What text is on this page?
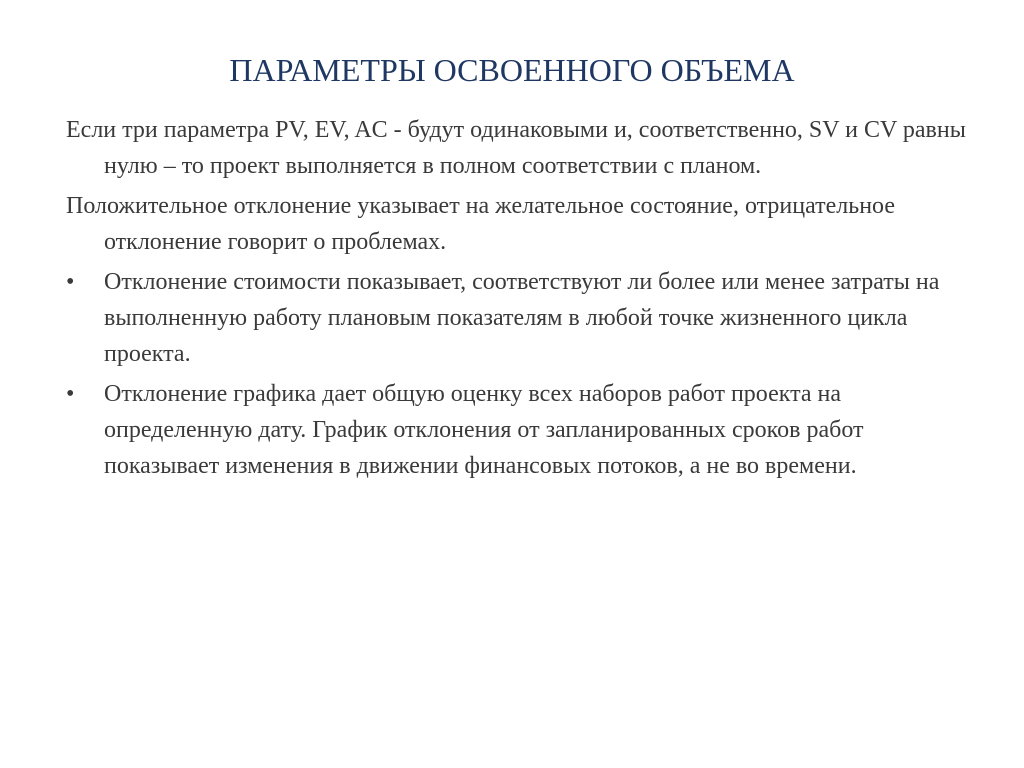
ПАРАМЕТРЫ ОСВОЕННОГО ОБЪЕМА

Если три параметра PV, EV, AC - будут одинаковыми и, соответственно, SV и CV равны нулю – то проект выполняется в полном соответствии с планом.

Положительное отклонение указывает на желательное состояние, отрицательное отклонение говорит о проблемах.

•	Отклонение стоимости показывает, соответствуют ли более или менее затраты на выполненную работу плановым показателям в любой точке жизненного цикла проекта.
•	Отклонение графика дает общую оценку всех наборов работ проекта на определенную дату. График отклонения от запланированных сроков работ показывает изменения в движении финансовых потоков, а не во времени.
